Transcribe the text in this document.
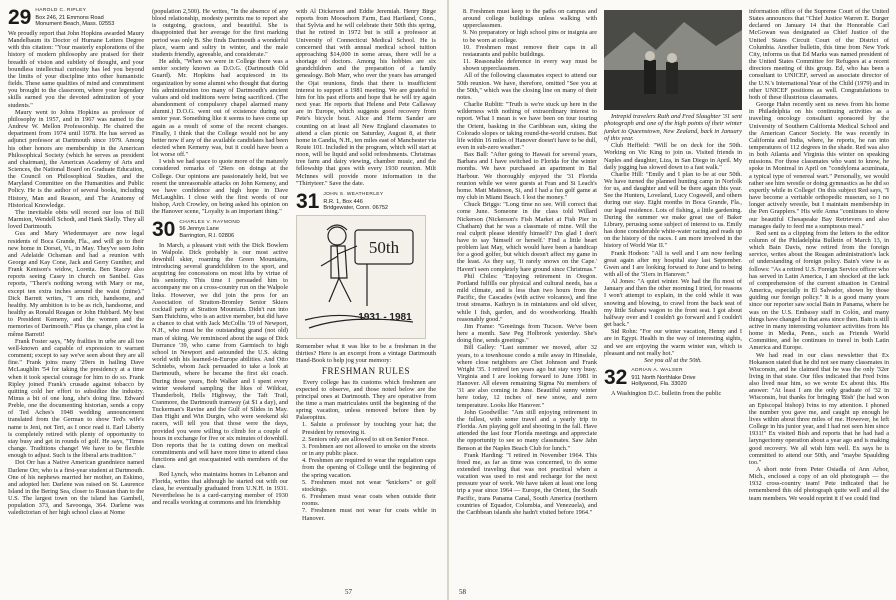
29 HAROLD C. RIPLEY
Box 246, 21 Emmons Road
Monument Beach, Mass. 02553

We proudly report that John Hopkins awarded Maury Mandelbaum its Doctor of Humane Letters Degree with this citation: "Your masterly explorations of the history of modern philosophy are praised for their breadth of vision and subtlety of thought, and your boundless intellectual curiosity has led you beyond the limits of your discipline into other humanistic fields. These same qualities of mind and commitment you brought to the classroom, where your legendary skills earned you the devoted admiration of your students."

Maury went to Johns Hopkins as professor of philosophy in 1957, and in 1967 was named to the Andrew W. Mellon Professorship. He chaired the department from 1974 until 1978. He has served as adjunct professor at Dartmouth since 1979. Among his other honors are membership in the American Philosophical Society (which he serves as president and chairman), the American Academy of Arts and Sciences, the National Board on Graduate Education, the Council on Philosophical Studies, and the Maryland Committee on the Humanities and Public Policy. He is the author of several books, including History, Man and Reason, and The Anatomy of Historical Knowledge.

The inevitable obits will record our loss of Bill Marmion, Wendell Schodt, and Hank Skelly. They all loved Dartmouth.

Gus and Mary Wiedenmayer are now legal residents of Boca Grande, Fla., and will go to their new home in Dorset, Vt., in May. They've seen John and Adelaide Ochsman and had a reunion with George and Kay Cone, Jack and Gerry Gunther, and Frank Kenison's widow, Loretta. Ben Stacey also reports seeing Casey in church on Sanibel. Gus reports, "There's nothing wrong with Mary or me, except ten extra inches around the waist (mine)." Dick Barrett writes, "I am rich, handsome, and healthy. My ambition is to be as rich, handsome, and healthy as Ronald Reagan or John Hubbard. My best to President Kemeny, and the women and the memories of Dartmouth." Plus ça change, plus c'est la même Barrett!

Frank Foster says, "My frailties in urbe are all too well-known and capable of expression to warrant comment; except to say we've seen about they are all fine." Frank joins many '29ers in hailing Dave McLaughlin '54 for taking the presidency at a time when it took special courage for him to do so. Frank Ripley joined Frank's crusade against tobacco by quitting cold her effort to subsidize the industry. Minus a bit of one lung, she's doing fine. Edward Preble, one the documenting historian, sends a copy of Ted Aches's 1948 wedding announcement translated from the German to show Ted's wife's name is Jeni, not Teri, as I once read it. Earl Liberty is completely retired with plenty of opportunity to stay busy and get in rounds of golf. He says, "Times change. Traditions change! We have to be flexible enough to adjust. Such is the liberal arts tradition."

Dot Orr has a Native American grandniece named Darlene Orr, who is a first-year student at Dartmouth. One of his nephews married her mother, an Eskimo, and adopted her. Darlene was raised on St. Laurence Island in the Bering Sea, closer to Russian than to the U.S. The largest town on the island has Gambell, population 373, and Savoonga, 364. Darlene was valedictorian of her high school class at Nome

(population 2,500). He writes, "In the absence of any blood relationship, modesty permits me to report she is outgoing, gracious, and beautiful. She is disappointed that her average for the first marking period was only B. She finds Dartmouth a wonderful place, warm and sultry in winter, and the male students friendly, agreeable, and considerate."

He adds, "When we were in College there was a senior society known as D.O.G. (Dartmouth Old Guard). Mr. Hopkins had acquiesced in its organization by some alumni who thought that during his administration too many of Dartmouth's ancient values and old traditions were being sacrificed. (The abandonment of compulsory chapel alarmed many alumni.) D.O.G. went out of existence during our senior year. Something like it seems to have come up again as a result of some of the recent changes. Finally, I think that the College would not be any better now if any of the available candidates had been elected when Kemeny was, but it could have been a lot worse off."

I wish we had space to quote more of the maturely considered remarks of '29ers on doings at the College. Our opinions are passionately held, but we resent the unreasonable attacks on John Kemeny, and we have confidence and high hope in Dave McLaughlin. I close with the first words of our bishop, Arch Crowley, on being asked his opinion on the Hanover scene, "Loyalty is an important thing."

30 CHARLES V. RAYMOND
56 Jennys Lane
Barrington, R.I. 02806

In March, a pleasant visit with the Dick Bowlem in Walpole. Dick probably is our most active downhill skier, roaming the Green Mountains, introducing several grandchildren to the sport, and acquiring fee concessions on most lifts by virtue of his seniority. This time I persuaded him to accompany me on a cross-country run on the Walpole links. However, we did join the pros for an Association of Stratton-Bromley Senior Skiers cocktail party at Stratton Mountain. Didn't run into Sam Hutchins, who is an active member, but did have a chance to chat with Jack McCollis '19 of Newport, N.H., who must be the outstanding grand (not old) man of skiing. We reminisced about the saga of Dick Durrance '39, who came from Garmisch to high school in Newport and astounded the U.S. skiing world with his learned-in-Europe abilities. And Otto Schniebs, whom Jack persuaded to take a look at Dartmouth, where he became the first ski coach. During those years, Bob Walker and I spent every winter weekend sampling the likes of Wildcat, Thunderbolt, Hells Highway, the Taft Trail, Cranmore, the Dartmouth tramway (at $1 a day), and Tuckerman's Ravine and the Gulf of Slides in May. Dan Hight and Win Durgin, who were weekend ski racers, will tell you that those were the days, provided you were willing to climb for a couple of hours in exchange for five or six minutes of downhill. Don reports that he is cutting down on medical commitments and will have more time to attend class functions and get reacquainted with members of the class.

Red Lynch, who maintains homes in Lebanon and Florida, writes that although he started out with our class, he eventually graduated from U.N.H. in 1931. Nevertheless he is a card-carrying member of 1930 and recalls working at commons and his friendship

with Al Dickerson and Eddie Jeremiah. Henry Birge reports from Moosehorn Farm, East Hartland, Conn., that Sylvia and he will celebrate their 50th this spring, that he retired in 1972 but is still a professor at University of Connecticut Medical School. He is concerned that with annual medical school tuition approaching $14,000 in some areas, there will be a shortage of doctors. Among his hobbies are six grandchildren and the preparation of a family genealogy. Bob Marr, who over the years has arranged the Ojai reunions, finds that there is insufficient interest to support a 1981 meeting. We are grateful to him for his past efforts and hope that he will try again next year. He reports that Helene and Pete Callaway are in Europe, which suggests good recovery from Pete's bicycle bout. Alice and Herm Sander are counting on at least all New England classmates to attend a clan picnic on Saturday, August 8, at their home in Candia, N.H., ten miles east of Manchester via Route 101. Included in the program, which will start at noon, will be liquid and solid refreshments. Christmas tree farm and dairy viewing, chamber music, and the fellowship that goes with every 1930 reunion. Milt McInnes will provide more information in the "Thirtyteer." Save the date.

31 JOHN S. WEATHERLEY
R.R. 1, Box 446
Bridgewater, Conn. 06752
50th
1931 - 1981

Remember what it was like to be a freshman in the thirties? Here is an excerpt from a vintage Dartmouth Hand-Book to help jog your memory:

FRESHMAN RULES

Every college has its customs which freshmen are expected to observe, and those noted below are the principal ones at Dartmouth. They are operative from the time a man matriculates until the beginning of the spring vacation, unless removed before then by Palaeopitus.

1. Salute a professor by touching your hat; the President by removing it.

2. Seniors only are allowed to sit on Senior Fence.

3. Freshmen are not allowed to smoke on the streets or in any public place.

4. Freshmen are required to wear the regulation caps from the opening of College until the beginning of the spring vacation.

5. Freshmen must not wear "knickers" or golf stockings.

6. Freshmen must wear coats when outside their rooms.

7. Freshmen must not wear fur coats while in Hanover.

57

8. Freshmen must keep to the paths on campus and around college buildings unless walking with upperclassmen.

9. No preparatory or high school pins or insignia are to be worn at college.

10. Freshmen must remove their caps in all restaurants and public buildings.

11. Reasonable deference in every way must be shown upperclassmen.

All of the following classmates expect to attend our 50th reunion. We have, therefore, omitted "See you at the 50th," which was the closing line on many of their notes.

Charlie Rublitt: "Truth is we're stuck up here in the wilderness with nothing of extraordinary interest to report. What I mean is we have been on tour touring the Orient, basking in the Caribbean sun, skiing the Colorado slopes or taking round-the-world cruises. But life within 16 miles of Hanover doesn't have to be dull, even in sub-zero weather."

Bax Ball: "After going to Hawaii for several years, Barbara and I have switched to Florida for the winter months. We have purchased an apartment in Bal Harbour. We thoroughly enjoyed the '31 Florida reunion while we were guests at Fran and Si Leach's home. Matt Matteson, Si, and I had a fun golf game at my club in Miami Beach. I lost the money."

Chuck Briggs: "Long time no see. Will correct that come June. Someone in the class told Willard Nickerson (Nickerson's Fish Market at Fish Pier in Chatham) that he was a classmate of mine. Will the real culprit please identify himself? I'm glad I don't have to say 'himself or herself.' Find a little heart problem last May, which would have been a handicap for a good golfer, but which doesn't affect my game in the least. As they say, 'It rarely snows on the Cape.' Haven't seen completely hare ground since Christmas."

Phil Chiles: "Enjoying retirement in Oregon. Portland fulfills our physical and cultural needs, has a mild climate, and is less than two hours from the Pacific, the Cascades (with active volcanos), and fine trout streams. Kathryn is in miniatures and old silver, while I fish, garden, and do woodworking. Health reasonably good."

Jim Frame: "Greetings from Tucson. We've been here a month. Saw Peg Holbrook yesterday. She's doing fine, sends greetings."

Bill Galley: "Last summer we moved, after 32 years, to a townhouse condo a mile away in Hinsdale, where close neighbors are Chet Johnson and Frank Wright '35. I retired ten years ago but stay very busy. Virginia and I are looking forward to June 1981 in Hanover. All eleven remaining Sigma Nu members of '31 are also coming in June. Beautiful sunny winter here today, 12 inches of new snow, and zero temperature. Looks like Hanover."

John Goodwillie: "Am still enjoying retirement in the fullest, with some travel and a yearly trip to Florida. Am playing golf and shooting in the fall. Have attended the last four Florida meetings and appreciate the opportunity to see so many classmates. Saw Jahn Benson at the Naples Beach Club for lunch."

Frank Harding: "I retired in November 1964. This freed me, as far as time was concerned, to do some extended traveling that was not practical when a vacation was used to rest and recharge for the next pressure year of work. We have taken at least one long trip a year since 1964 — Europe, the Orient, the South Pacific, trans Panama Canal, South America (northern countries of Equador, Columbia, and Venezuela), and the Caribbean islands she hadn't visited before 1964."

Intrepid travelers Ruth and Fred Slaughter '31 sent photograph and one of the high points of their winter junket to Queenstown, New Zealand, back in January of this year.

Club Heffield: "Will be on deck for the 50th. Working on Vic King to join us. Visited friends in Naples and daughter, Liza, in San Diego in April. My daily jogging has slowed down to a fast walk."

Charlie Hill: "Emily and I plan to be at our 50th. We have turned the planned hunting camp in Norfolk for us, and daughter and will be there again this year. See the Hunters, Loveland, Lucy Cogswell, and others during our stay. Eight months in Boca Grande, Fla., our legal residence. Lots of fishing, a little gardening. During the summer we make great use of Baker Library, perusing some subject of interest to us. Emily has done considerable white-water racing and reads up on the history of the races. I am more involved in the history of World War II."

Frank Hodson: "All is well and I am now feeling great again after my hospital stay last September. Gwen and I are looking forward to June and to being with all of the '31ers in Hanover."

Al Jones: "A quiet winter. We had the flu most of January and then the other morning I tried, for reasons I won't attempt to explain, in the cold while it was snowing and blowing, to crawl from the back seat of my little Subaru wagon to the front seat. I got about halfway over and I couldn't go forward and I couldn't get back."

Sid Rohn: "For our winter vacation, Henny and I are in Egypt. Health in the way of interesting sights, and we are enjoying the warm winter sun, which is pleasant and not really hot."

See you all at the 50th.

32 ADRIAN A. WALSER
911 North Northlake Drive
Hollywood, Fla. 33020

A Washington D.C. bulletin from the public

information office of the Supreme Court of the United States announces that "Chief Justice Warren E. Burger declared on January 14 that the Honorable Carl McGowan was designated as Chief Justice of the United States Circuit Court of the District of Columbia. Another bulletin, this time from New York City, informs us that Ed Marks was named president of the United States Committee for Refugees at a recent directors meeting of this group. Ed, who has been a consultant to UNICEF, served as associate director of the U.N.'s International Year of the Child (1979) and in other UNICEF positions as well. Congratulations to both of these illustrious classmates.

George Hahn recently sent us news from his home in Philadelphia on his continuing activities as a traveling oncology consultant sponsored by the University of Southern California Medical School and the American Cancer Society. He was recently in California and India, where, he reports, he ran into temperatures of 112 degrees in the shade. Red was also in both Atlanta and Virginia this winter on speaking missions. For those classmates who want to know, he spoke in Montreal in April on "condyloma acuminata, a typical type of venereal wart." Personally, we would rather see him wrestle or doing gymnastics as he did so expertly while in College! On this subject Red says, "I have become a veritable orthopedic museum, so I no longer actively wrestle, but I maintain membership in the Pen Grapplers." His wife Anna "continues to show our beautiful Chesapeake Bay Retrievers and also manages daily to feed me a sumptuous meal."

Red sent us a clipping from the letters to the editor column of the Philadelphia Bulletin of March 13, in which Bain Davis, now retired from the foreign service, writes about the Reagan administration's lack of understanding of foreign policy. Bain's view is as follows: "As a retired U.S. Foreign Service officer who has served in Latin America, I am shocked at the lack of comprehension of the current situation in Central America, especially in El Salvador, shown by those guiding our foreign policy." It is a good many years since our reporter saw social Bain in Panama, where he was on the U.S. Embassy staff in Colón, and many things have changed in that area since then. Bain is still active in many interesting volunteer activities from his home in Media, Penn., such as Friends World Committee, and he continues to travel in both Latin America and Europe.

We had read in our class newsletter that Ex Hokanson stated that he did not see many classmates in Wisconsin, and he claimed that he was the only '32er living in that state. Our files indicated that Fred Ivins also lived near him, so we wrote Ex about this. His answer: "At least I am the only graduate of '32 in Wisconsin, but thanks for bringing 'Bish' (he had won an Episcopal bishop) Ivins to my attention. I phoned the number you gave me, and caught up enough he lives within about three miles of me. However, he left College in his junior year, and I had not seen him since 1931!" Ex visited Bish and reports that he had had a laryngectomy operation about a year ago and is making good recovery. We all wish him well. Ex says he is committed to attend our 50th, and "maybe Spaulding too."

A short note from Peter Osiadla of Ann Arbor, Mich., enclosed a copy of an old photograph — the 1932 cross-country team! Pete indicated that he remembered this old photograph quite well and all the team members. We would reprint it if we could find

58
